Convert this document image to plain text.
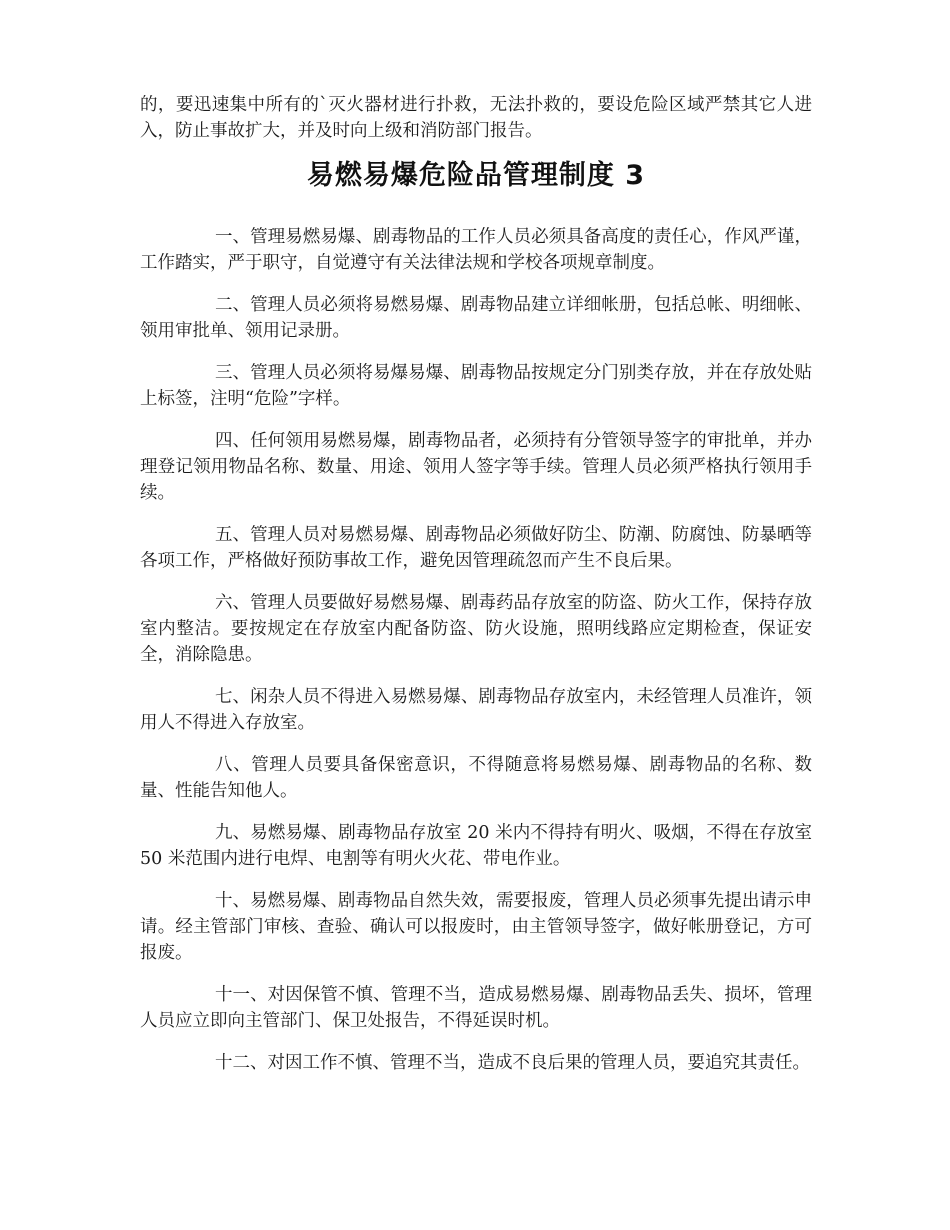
的，要迅速集中所有的`灭火器材进行扑救，无法扑救的，要设危险区域严禁其它人进入，防止事故扩大，并及时向上级和消防部门报告。

易燃易爆危险品管理制度 3

一、管理易燃易爆、剧毒物品的工作人员必须具备高度的责任心，作风严谨，工作踏实，严于职守，自觉遵守有关法律法规和学校各项规章制度。

二、管理人员必须将易燃易爆、剧毒物品建立详细帐册，包括总帐、明细帐、领用审批单、领用记录册。

三、管理人员必须将易爆易爆、剧毒物品按规定分门别类存放，并在存放处贴上标签，注明“危险”字样。

四、任何领用易燃易爆，剧毒物品者，必须持有分管领导签字的审批单，并办理登记领用物品名称、数量、用途、领用人签字等手续。管理人员必须严格执行领用手续。

五、管理人员对易燃易爆、剧毒物品必须做好防尘、防潮、防腐蚀、防暴晒等各项工作，严格做好预防事故工作，避免因管理疏忽而产生不良后果。

六、管理人员要做好易燃易爆、剧毒药品存放室的防盗、防火工作，保持存放室内整洁。要按规定在存放室内配备防盗、防火设施，照明线路应定期检查，保证安全，消除隐患。

七、闲杂人员不得进入易燃易爆、剧毒物品存放室内，未经管理人员准许，领用人不得进入存放室。

八、管理人员要具备保密意识，不得随意将易燃易爆、剧毒物品的名称、数量、性能告知他人。

九、易燃易爆、剧毒物品存放室 20 米内不得持有明火、吸烟，不得在存放室 50 米范围内进行电焊、电割等有明火火花、带电作业。

十、易燃易爆、剧毒物品自然失效，需要报废，管理人员必须事先提出请示申请。经主管部门审核、查验、确认可以报废时，由主管领导签字，做好帐册登记，方可报废。

十一、对因保管不慎、管理不当，造成易燃易爆、剧毒物品丢失、损坏，管理人员应立即向主管部门、保卫处报告，不得延误时机。

十二、对因工作不慎、管理不当，造成不良后果的管理人员，要追究其责任。
